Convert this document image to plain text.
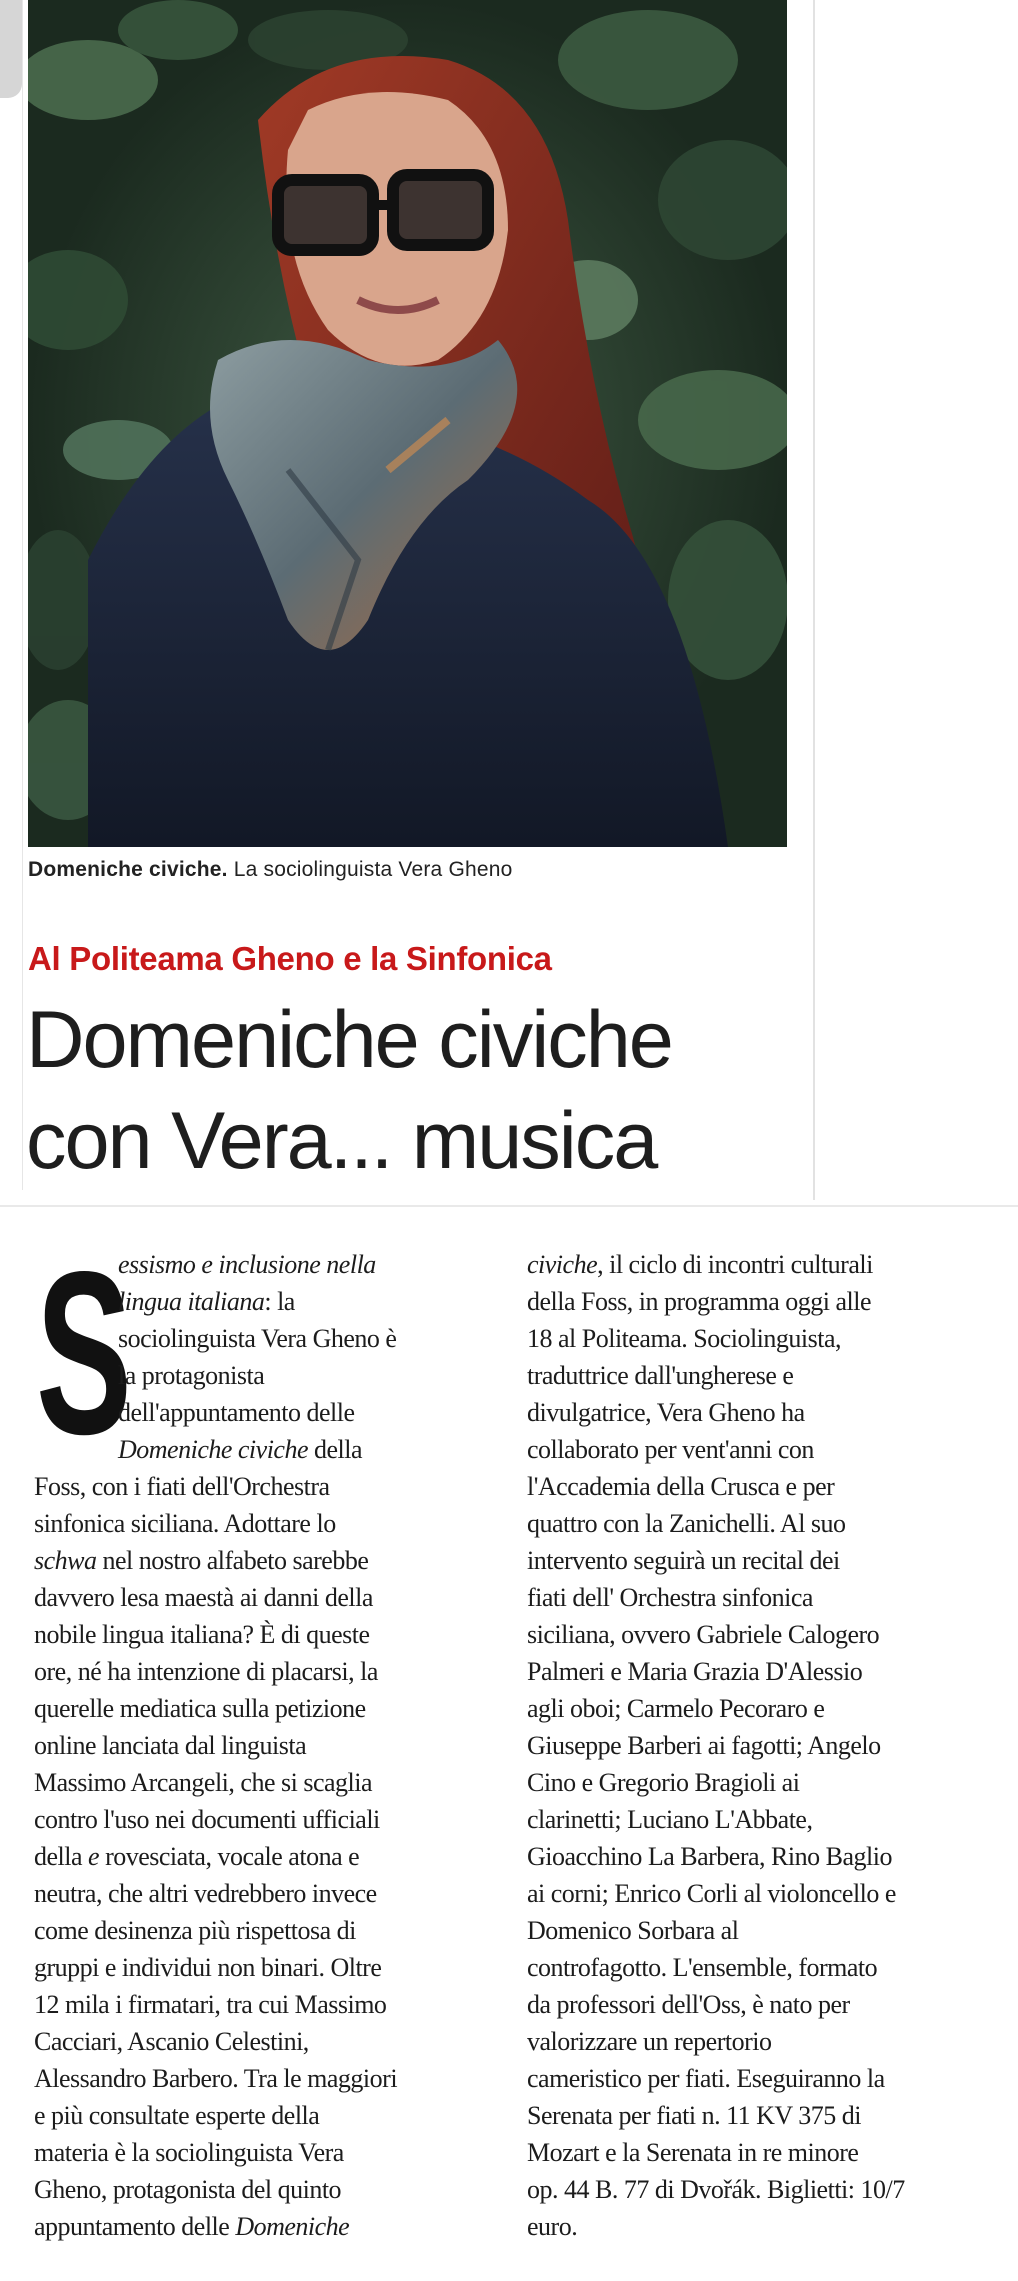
Domeniche civiche. La sociolinguista Vera Gheno
Al Politeama Gheno e la Sinfonica
Domeniche civiche
con Vera... musica
S
essismo e inclusione nella
lingua italiana: la
sociolinguista Vera Gheno è
la protagonista
dell'appuntamento delle
Domeniche civiche della
Foss, con i fiati dell'Orchestra
sinfonica siciliana. Adottare lo
schwa nel nostro alfabeto sarebbe
davvero lesa maestà ai danni della
nobile lingua italiana? È di queste
ore, né ha intenzione di placarsi, la
querelle mediatica sulla petizione
online lanciata dal linguista
Massimo Arcangeli, che si scaglia
contro l'uso nei documenti ufficiali
della e rovesciata, vocale atona e
neutra, che altri vedrebbero invece
come desinenza più rispettosa di
gruppi e individui non binari. Oltre
12 mila i firmatari, tra cui Massimo
Cacciari, Ascanio Celestini,
Alessandro Barbero. Tra le maggiori
e più consultate esperte della
materia è la sociolinguista Vera
Gheno, protagonista del quinto
appuntamento delle Domeniche
civiche, il ciclo di incontri culturali
della Foss, in programma oggi alle
18 al Politeama. Sociolinguista,
traduttrice dall'ungherese e
divulgatrice, Vera Gheno ha
collaborato per vent'anni con
l'Accademia della Crusca e per
quattro con la Zanichelli. Al suo
intervento seguirà un recital dei
fiati dell' Orchestra sinfonica
siciliana, ovvero Gabriele Calogero
Palmeri e Maria Grazia D'Alessio
agli oboi; Carmelo Pecoraro e
Giuseppe Barberi ai fagotti; Angelo
Cino e Gregorio Bragioli ai
clarinetti; Luciano L'Abbate,
Gioacchino La Barbera, Rino Baglio
ai corni; Enrico Corli al violoncello e
Domenico Sorbara al
controfagotto. L'ensemble, formato
da professori dell'Oss, è nato per
valorizzare un repertorio
cameristico per fiati. Eseguiranno la
Serenata per fiati n. 11 KV 375 di
Mozart e la Serenata in re minore
op. 44 B. 77 di Dvořák. Biglietti: 10/7
euro.
